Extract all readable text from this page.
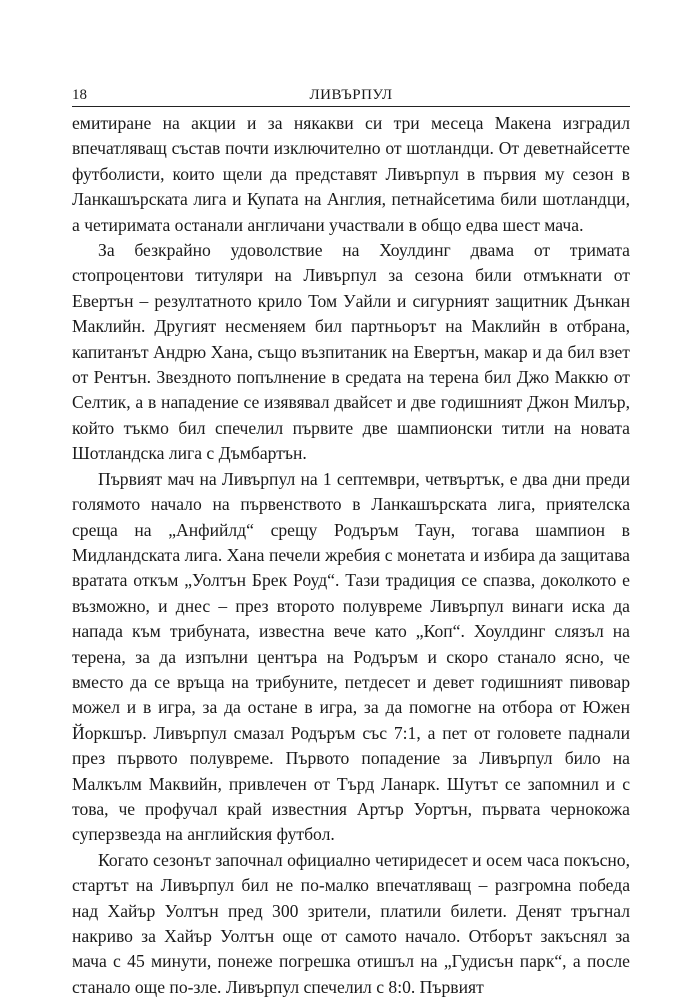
18	ЛИВЪРПУЛ

емитиране на акции и за някакви си три месеца Макена изградил впечатляващ състав почти изключително от шотландци. От деветнайсетте футболисти, които щели да представят Ливърпул в първия му сезон в Ланкашърската лига и Купата на Англия, петнайсетима били шотландци, а четиримата останали англичани участвали в общо едва шест мача.

За безкрайно удоволствие на Хоулдинг двама от тримата стопроцентови титуляри на Ливърпул за сезона били отмъкнати от Евертън – резултатното крило Том Уайли и сигурният защитник Дънкан Маклийн. Другият несменяем бил партньорът на Маклийн в отбрана, капитанът Андрю Хана, също възпитаник на Евертън, макар и да бил взет от Рентън. Звездното попълнение в средата на терена бил Джо Маккю от Селтик, а в нападение се изявявал двайсет и две годишният Джон Милър, който тъкмо бил спечелил първите две шампионски титли на новата Шотландска лига с Дъмбартън.

Първият мач на Ливърпул на 1 септември, четвъртък, е два дни преди голямото начало на първенството в Ланкашърската лига, приятелска среща на „Анфийлд“ срещу Родъръм Таун, тогава шампион в Мидландската лига. Хана печели жребия с монетата и избира да защитава вратата откъм „Уолтън Брек Роуд“. Тази традиция се спазва, доколкото е възможно, и днес – през второто полувреме Ливърпул винаги иска да напада към трибуната, известна вече като „Коп“. Хоулдинг слязъл на терена, за да изпълни центъра на Родъръм и скоро станало ясно, че вместо да се връща на трибуните, петдесет и девет годишният пивовар можел и в игра, за да остане в игра, за да помогне на отбора от Южен Йоркшър. Ливърпул смазал Родъръм със 7:1, а пет от головете паднали през първото полувреме. Първото попадение за Ливърпул било на Малкълм Маквийн, привлечен от Търд Ланарк. Шутът се запомнил и с това, че профучал край известния Артър Уортън, първата чернокожа суперзвезда на английския футбол.

Когато сезонът започнал официално четиридесет и осем часа покъсно, стартът на Ливърпул бил не по-малко впечатляващ – разгромна победа над Хайър Уолтън пред 300 зрители, платили билети. Денят тръгнал накриво за Хайър Уолтън още от самото начало. Отборът закъснял за мача с 45 минути, понеже погрешка отишъл на „Гудисън парк“, а после станало още по-зле. Ливърпул спечелил с 8:0. Първият
